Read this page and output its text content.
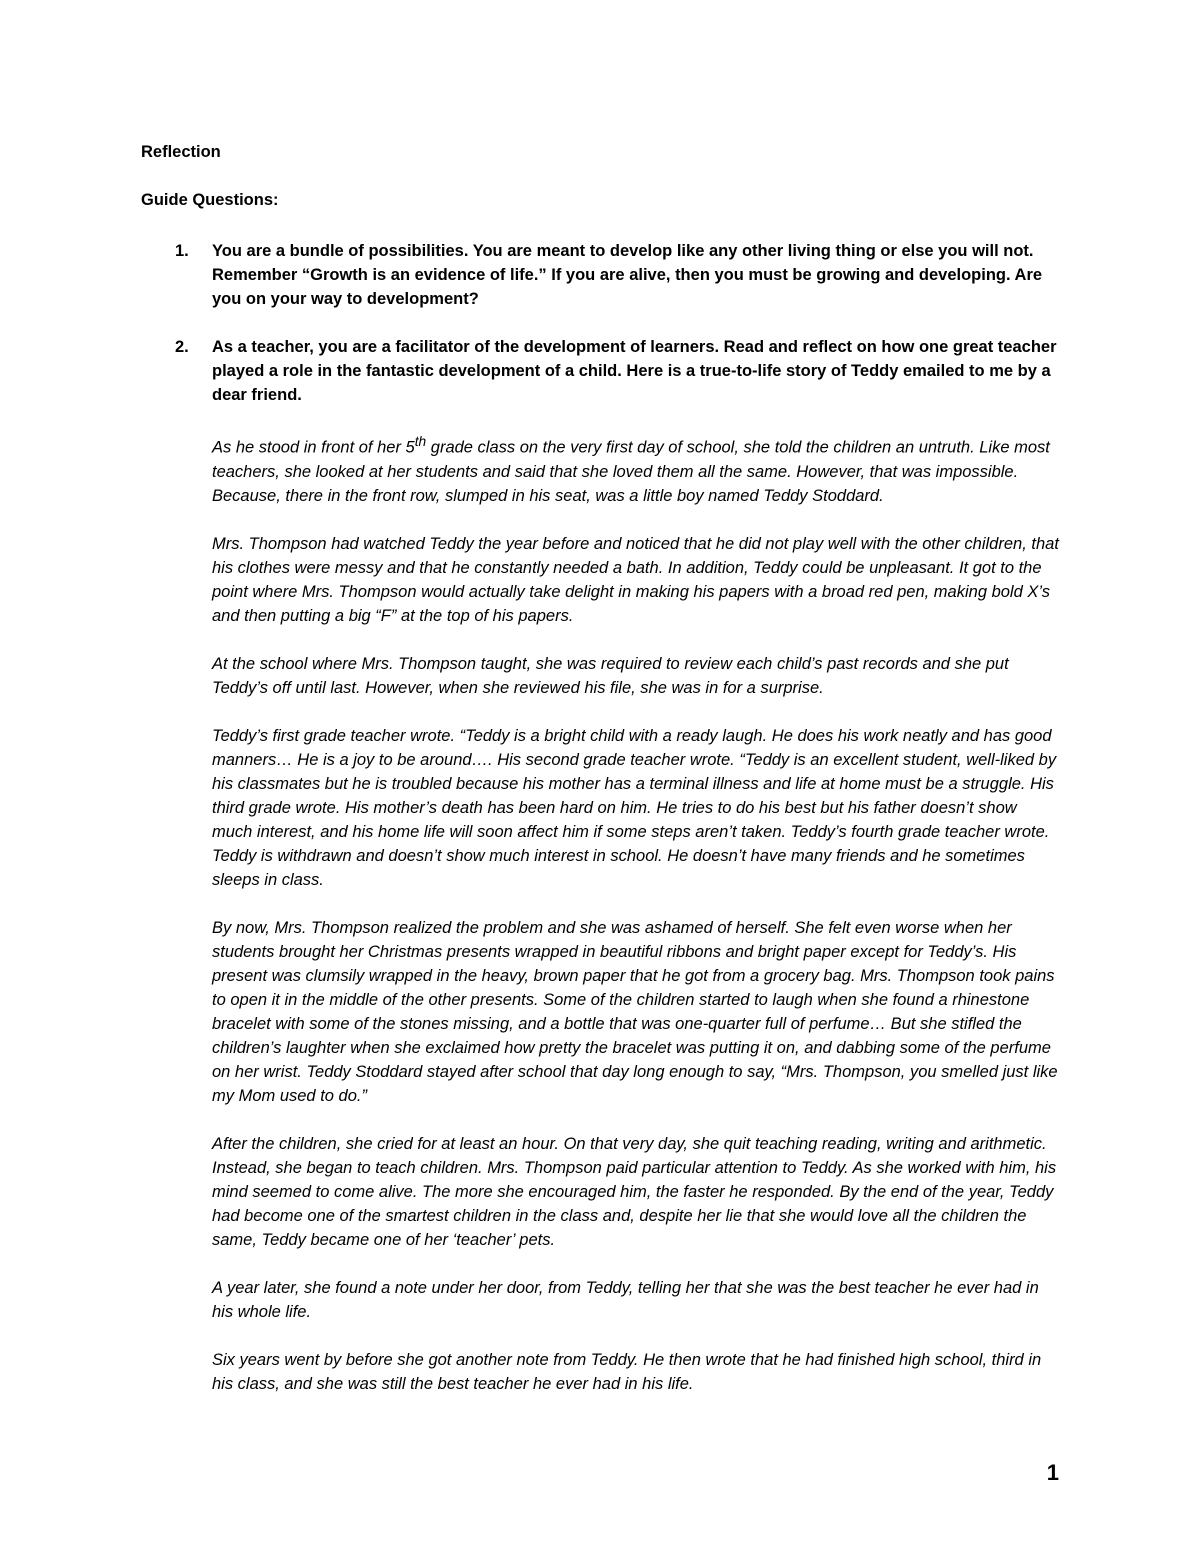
Reflection
Guide Questions:
1. You are a bundle of possibilities. You are meant to develop like any other living thing or else you will not. Remember “Growth is an evidence of life.” If you are alive, then you must be growing and developing. Are you on your way to development?
2. As a teacher, you are a facilitator of the development of learners. Read and reflect on how one great teacher played a role in the fantastic development of a child. Here is a true-to-life story of Teddy emailed to me by a dear friend.

As he stood in front of her 5th grade class on the very first day of school, she told the children an untruth. Like most teachers, she looked at her students and said that she loved them all the same. However, that was impossible. Because, there in the front row, slumped in his seat, was a little boy named Teddy Stoddard.

Mrs. Thompson had watched Teddy the year before and noticed that he did not play well with the other children, that his clothes were messy and that he constantly needed a bath. In addition, Teddy could be unpleasant. It got to the point where Mrs. Thompson would actually take delight in making his papers with a broad red pen, making bold X’s and then putting a big “F” at the top of his papers.

At the school where Mrs. Thompson taught, she was required to review each child’s past records and she put Teddy’s off until last. However, when she reviewed his file, she was in for a surprise.

Teddy’s first grade teacher wrote. “Teddy is a bright child with a ready laugh. He does his work neatly and has good manners… He is a joy to be around…. His second grade teacher wrote. “Teddy is an excellent student, well-liked by his classmates but he is troubled because his mother has a terminal illness and life at home must be a struggle. His third grade wrote. His mother’s death has been hard on him. He tries to do his best but his father doesn’t show much interest, and his home life will soon affect him if some steps aren’t taken. Teddy’s fourth grade teacher wrote. Teddy is withdrawn and doesn’t show much interest in school. He doesn’t have many friends and he sometimes sleeps in class.

By now, Mrs. Thompson realized the problem and she was ashamed of herself. She felt even worse when her students brought her Christmas presents wrapped in beautiful ribbons and bright paper except for Teddy’s. His present was clumsily wrapped in the heavy, brown paper that he got from a grocery bag. Mrs. Thompson took pains to open it in the middle of the other presents. Some of the children started to laugh when she found a rhinestone bracelet with some of the stones missing, and a bottle that was one-quarter full of perfume… But she stifled the children’s laughter when she exclaimed how pretty the bracelet was putting it on, and dabbing some of the perfume on her wrist. Teddy Stoddard stayed after school that day long enough to say, “Mrs. Thompson, you smelled just like my Mom used to do.”

After the children, she cried for at least an hour. On that very day, she quit teaching reading, writing and arithmetic. Instead, she began to teach children. Mrs. Thompson paid particular attention to Teddy. As she worked with him, his mind seemed to come alive. The more she encouraged him, the faster he responded. By the end of the year, Teddy had become one of the smartest children in the class and, despite her lie that she would love all the children the same, Teddy became one of her ‘teacher’ pets.

A year later, she found a note under her door, from Teddy, telling her that she was the best teacher he ever had in his whole life.

Six years went by before she got another note from Teddy. He then wrote that he had finished high school, third in his class, and she was still the best teacher he ever had in his life.

1
